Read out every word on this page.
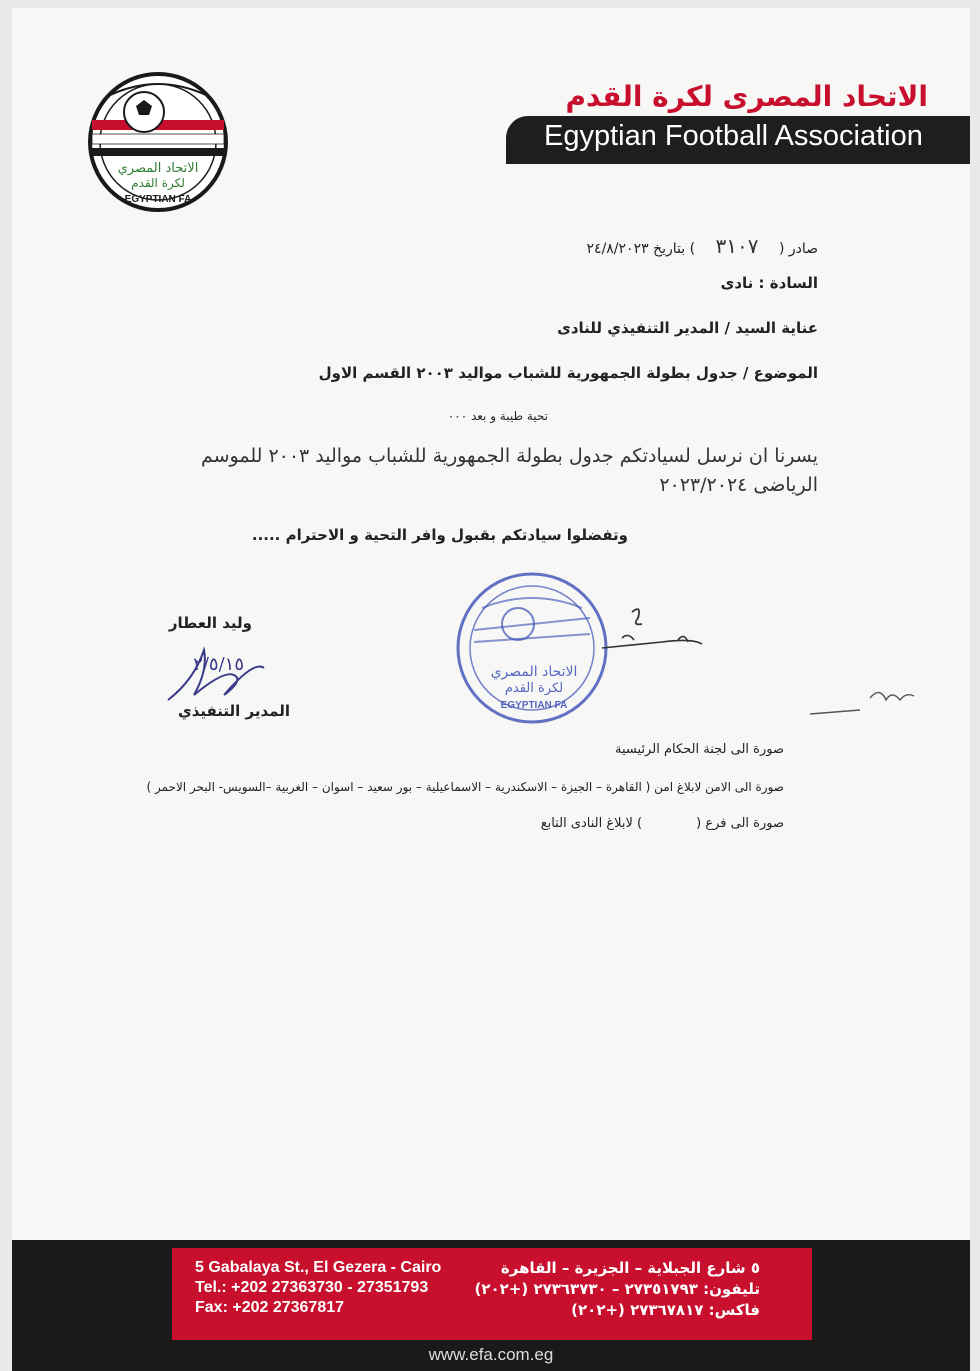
الاتحاد المصري
لكرة القدم
EGYPTIAN FA
الاتحاد المصرى لكرة القدم
Egyptian Football Association
صادر ( ٣١٠٧ ) بتاريخ ٢٤/٨/٢٠٢٣
السادة : نادى
عناية السيد / المدير التنفيذي للنادى
الموضوع / جدول بطولة الجمهورية للشباب مواليد ٢٠٠٣ القسم الاول
تحية طيبة و بعد ٠٠٠
يسرنا ان نرسل لسيادتكم جدول بطولة الجمهورية للشباب مواليد ٢٠٠٣ للموسم الرياضى ٢٠٢٣/٢٠٢٤
وتفضلوا سيادتكم بقبول وافر التحية و الاحترام .....
وليد العطار
٢/٥/١٥
المدير التنفيذي
الاتحاد المصري
لكرة القدم
EGYPTIAN FA
صورة الى لجنة الحكام الرئيسية
صورة الى الامن لابلاغ امن ( القاهرة – الجيزة – الاسكندرية – الاسماعيلية – بور سعيد – اسوان – الغربية –السويس- البحر الاحمر )
صورة الى فرع () لابلاغ النادى التابع
5 Gabalaya St., El Gezera - Cairo
Tel.: +202 27363730 - 27351793
Fax: +202 27367817
٥ شارع الجبلاية – الجزيرة – القاهرة
تليفون: ٢٧٣٥١٧٩٣ – ٢٧٣٦٣٧٣٠ (+٢٠٢)
فاكس: ٢٧٣٦٧٨١٧ (+٢٠٢)
www.efa.com.eg
